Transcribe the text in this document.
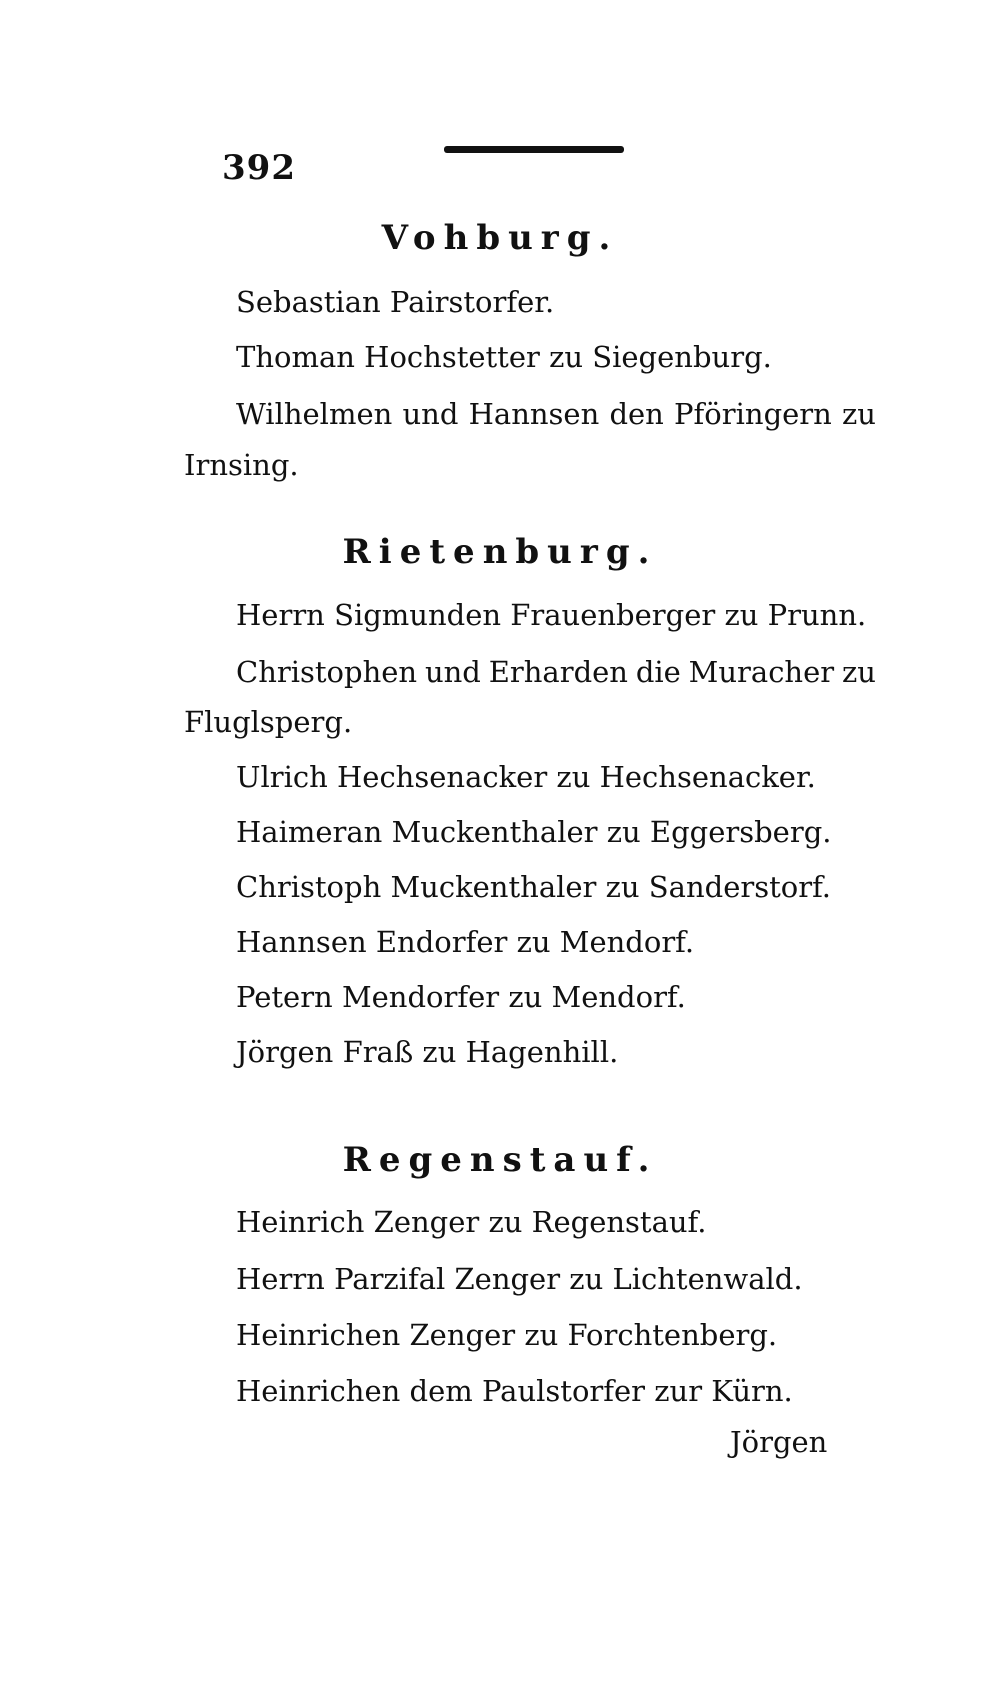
392
Vohburg.
Sebastian Pairstorfer.
Thoman Hochstetter zu Siegenburg.
Wilhelmen und Hannsen den Pföringern zu
Irnsing.
Rietenburg.
Herrn Sigmunden Frauenberger zu Prunn.
Christophen und Erharden die Muracher zu
Fluglsperg.
Ulrich Hechsenacker zu Hechsenacker.
Haimeran Muckenthaler zu Eggersberg.
Christoph Muckenthaler zu Sanderstorf.
Hannsen Endorfer zu Mendorf.
Petern Mendorfer zu Mendorf.
Jörgen Fraß zu Hagenhill.
Regenstauf.
Heinrich Zenger zu Regenstauf.
Herrn Parzifal Zenger zu Lichtenwald.
Heinrichen Zenger zu Forchtenberg.
Heinrichen dem Paulstorfer zur Kürn.
Jörgen
